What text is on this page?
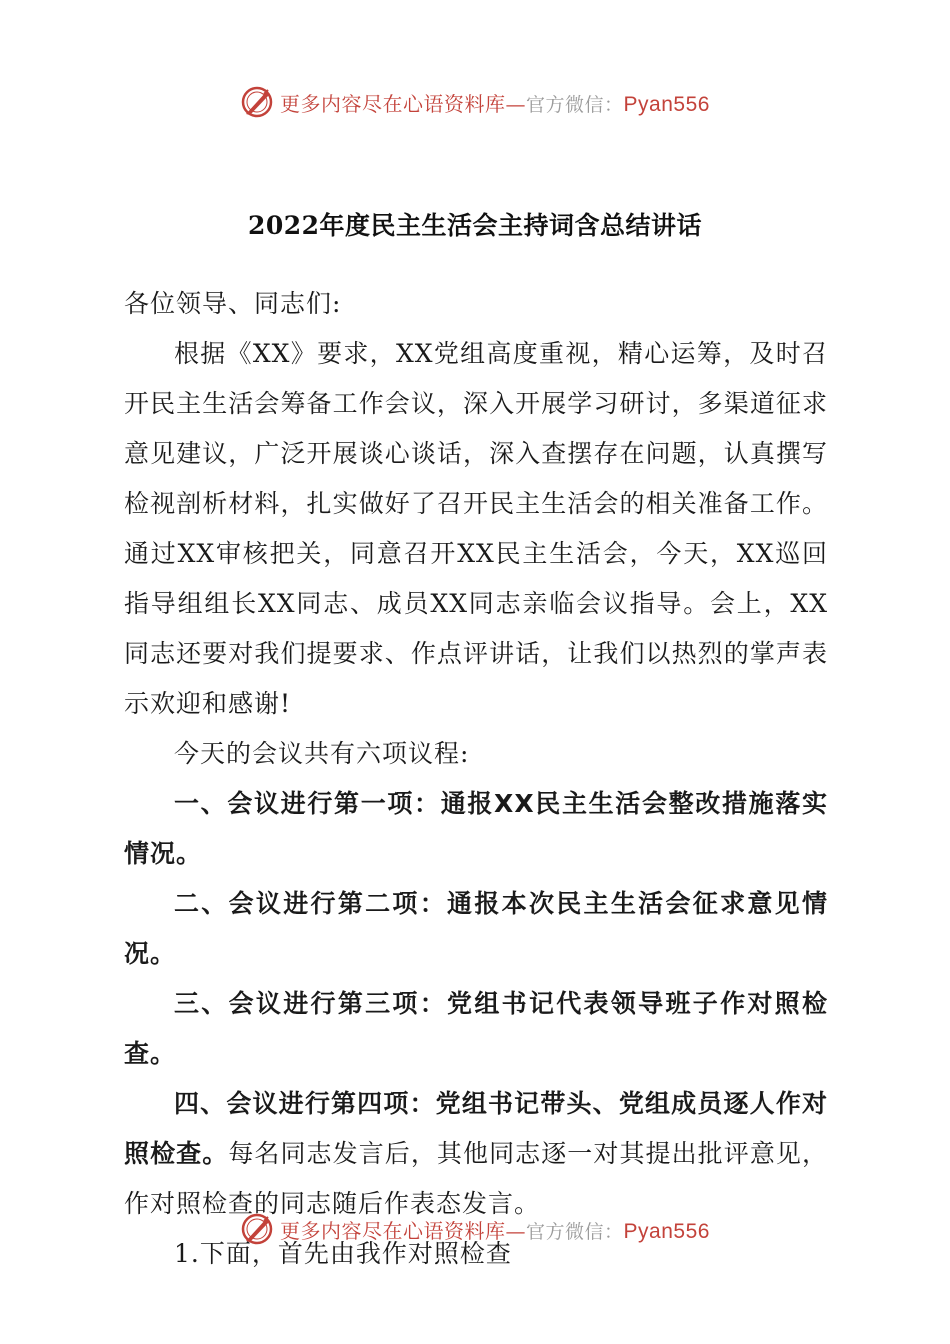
更多内容尽在心语资料库—官方微信：Pyan556
2022年度民主生活会主持词含总结讲话

各位领导、同志们:

根据《XX》要求，XX党组高度重视，精心运筹，及时召开民主生活会筹备工作会议，深入开展学习研讨，多渠道征求意见建议，广泛开展谈心谈话，深入查摆存在问题，认真撰写检视剖析材料，扎实做好了召开民主生活会的相关准备工作。通过XX审核把关，同意召开XX民主生活会，今天，XX巡回指导组组长XX同志、成员XX同志亲临会议指导。会上，XX同志还要对我们提要求、作点评讲话，让我们以热烈的掌声表示欢迎和感谢!

今天的会议共有六项议程:

一、会议进行第一项：通报XX民主生活会整改措施落实情况。

二、会议进行第二项：通报本次民主生活会征求意见情况。

三、会议进行第三项：党组书记代表领导班子作对照检查。

四、会议进行第四项：党组书记带头、党组成员逐人作对照检查。每名同志发言后，其他同志逐一对其提出批评意见，作对照检查的同志随后作表态发言。

1.下面，首先由我作对照检查

更多内容尽在心语资料库—官方微信：Pyan556
